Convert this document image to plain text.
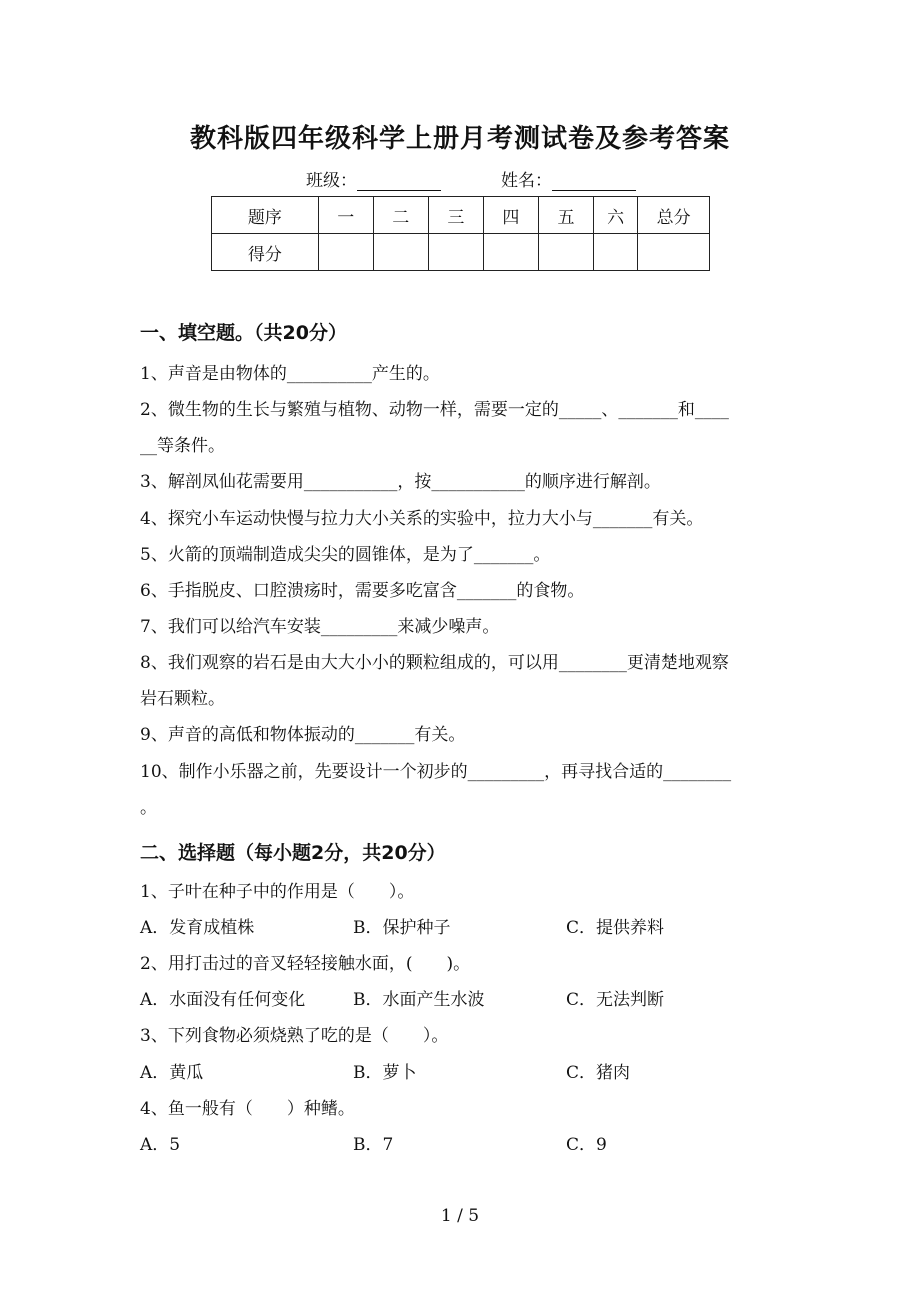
教科版四年级科学上册月考测试卷及参考答案
班级：	姓名：
题序	一	二	三	四	五	六	总分
得分							
一、填空题。（共20分）
1、声音是由物体的__________产生的。
2、微生物的生长与繁殖与植物、动物一样，需要一定的_____、_______和____
__等条件。
3、解剖凤仙花需要用___________，按___________的顺序进行解剖。
4、探究小车运动快慢与拉力大小关系的实验中，拉力大小与_______有关。
5、火箭的顶端制造成尖尖的圆锥体，是为了_______。
6、手指脱皮、口腔溃疡时，需要多吃富含_______的食物。
7、我们可以给汽车安装_________来减少噪声。
8、我们观察的岩石是由大大小小的颗粒组成的，可以用________更清楚地观察
岩石颗粒。
9、声音的高低和物体振动的_______有关。
10、制作小乐器之前，先要设计一个初步的_________，再寻找合适的________
。
二、选择题（每小题2分，共20分）
1、子叶在种子中的作用是（　　）。
A．发育成植株	B．保护种子	C．提供养料
2、用打击过的音叉轻轻接触水面，(　　)。
A．水面没有任何变化	B．水面产生水波	C．无法判断
3、下列食物必须烧熟了吃的是（　　）。
A．黄瓜	B．萝卜	C．猪肉
4、鱼一般有（　　）种鳍。
A．5	B．7	C．9
1 / 5
